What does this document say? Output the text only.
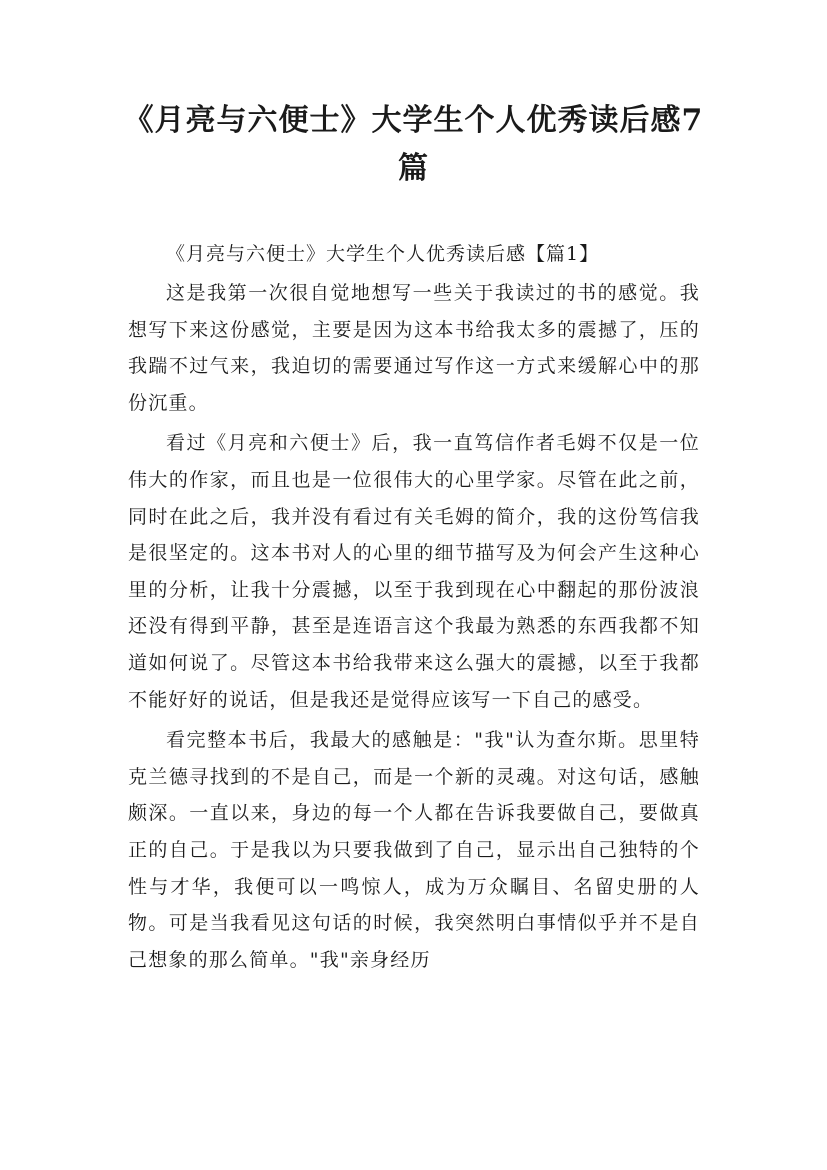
《月亮与六便士》大学生个人优秀读后感7篇
《月亮与六便士》大学生个人优秀读后感【篇1】

这是我第一次很自觉地想写一些关于我读过的书的感觉。我想写下来这份感觉，主要是因为这本书给我太多的震撼了，压的我踹不过气来，我迫切的需要通过写作这一方式来缓解心中的那份沉重。

看过《月亮和六便士》后，我一直笃信作者毛姆不仅是一位伟大的作家，而且也是一位很伟大的心里学家。尽管在此之前，同时在此之后，我并没有看过有关毛姆的简介，我的这份笃信我是很坚定的。这本书对人的心里的细节描写及为何会产生这种心里的分析，让我十分震撼，以至于我到现在心中翻起的那份波浪还没有得到平静，甚至是连语言这个我最为熟悉的东西我都不知道如何说了。尽管这本书给我带来这么强大的震撼，以至于我都不能好好的说话，但是我还是觉得应该写一下自己的感受。

看完整本书后，我最大的感触是："我"认为查尔斯。思里特克兰德寻找到的不是自己，而是一个新的灵魂。对这句话，感触颇深。一直以来，身边的每一个人都在告诉我要做自己，要做真正的自己。于是我以为只要我做到了自己，显示出自己独特的个性与才华，我便可以一鸣惊人，成为万众瞩目、名留史册的人物。可是当我看见这句话的时候，我突然明白事情似乎并不是自己想象的那么简单。"我"亲身经历
